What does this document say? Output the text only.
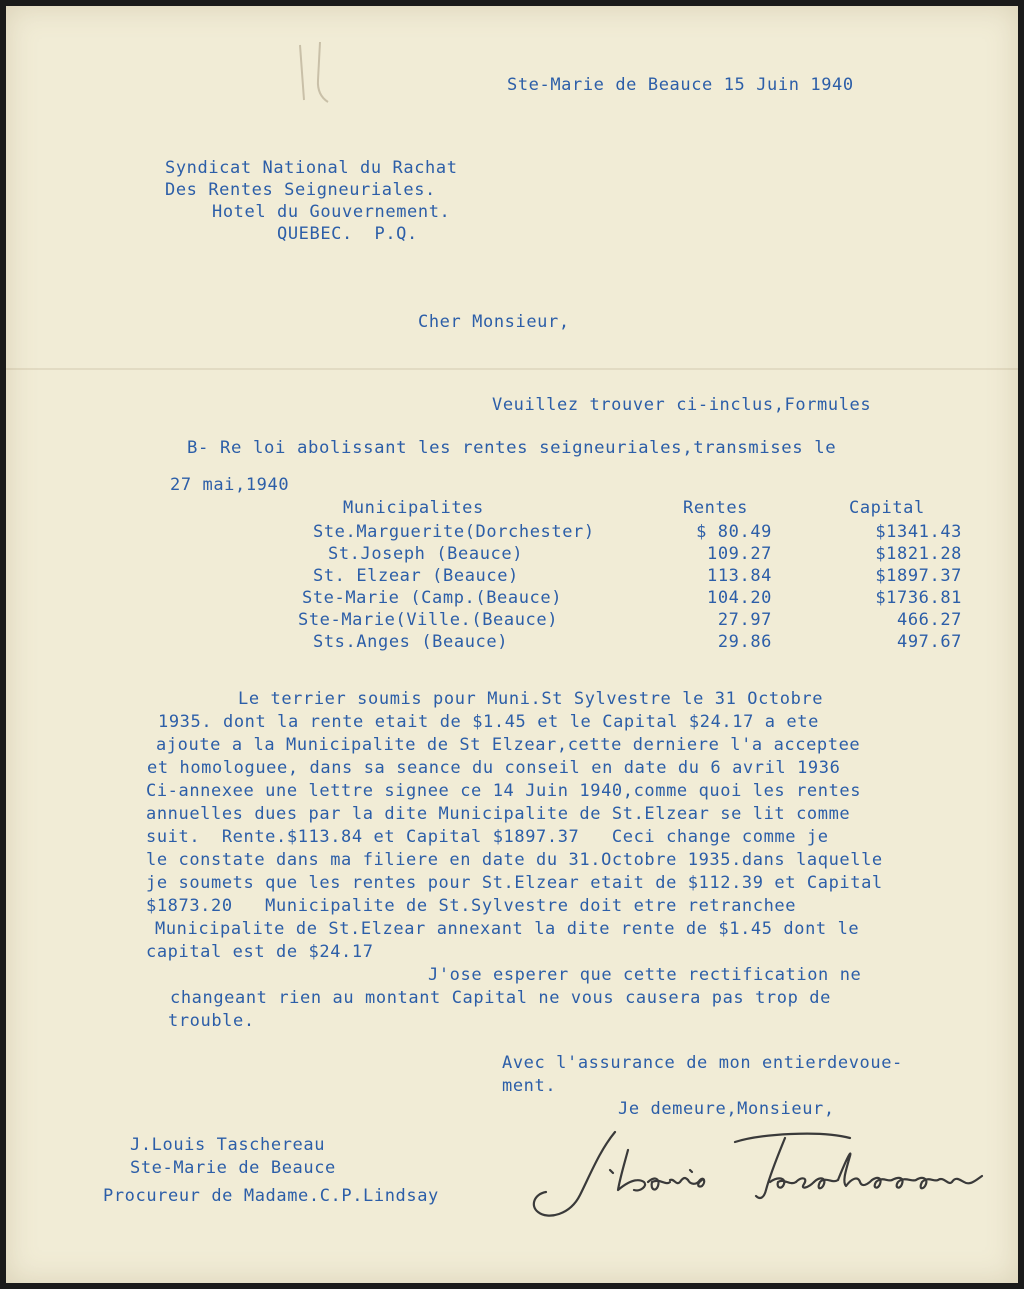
Ste-Marie de Beauce 15 Juin 1940
Syndicat National du Rachat
Des Rentes Seigneuriales.
Hotel du Gouvernement.
QUEBEC.  P.Q.
Cher Monsieur,
Veuillez trouver ci-inclus,Formules
B- Re loi abolissant les rentes seigneuriales,transmises le
27 mai,1940
Municipalites	Rentes	Capital
Ste.Marguerite(Dorchester)	$ 80.49	$1341.43
St.Joseph (Beauce)	109.27	$1821.28
St. Elzear (Beauce)	113.84	$1897.37
Ste-Marie (Camp.(Beauce)	104.20	$1736.81
Ste-Marie(Ville.(Beauce)	27.97	466.27
Sts.Anges (Beauce)	29.86	497.67
Le terrier soumis pour Muni.St Sylvestre le 31 Octobre
1935. dont la rente etait de $1.45 et le Capital $24.17 a ete
ajoute a la Municipalite de St Elzear,cette derniere l'a acceptee
et homologuee, dans sa seance du conseil en date du 6 avril 1936
Ci-annexee une lettre signee ce 14 Juin 1940,comme quoi les rentes
annuelles dues par la dite Municipalite de St.Elzear se lit comme
suit.  Rente.$113.84 et Capital $1897.37   Ceci change comme je
le constate dans ma filiere en date du 31.Octobre 1935.dans laquelle
je soumets que les rentes pour St.Elzear etait de $112.39 et Capital
$1873.20   Municipalite de St.Sylvestre doit etre retranchee
Municipalite de St.Elzear annexant la dite rente de $1.45 dont le
capital est de $24.17
J'ose esperer que cette rectification ne
changeant rien au montant Capital ne vous causera pas trop de
trouble.
Avec l'assurance de mon entierdevoue-
ment.
Je demeure,Monsieur,
J.Louis Taschereau
Ste-Marie de Beauce
Procureur de Madame.C.P.Lindsay
